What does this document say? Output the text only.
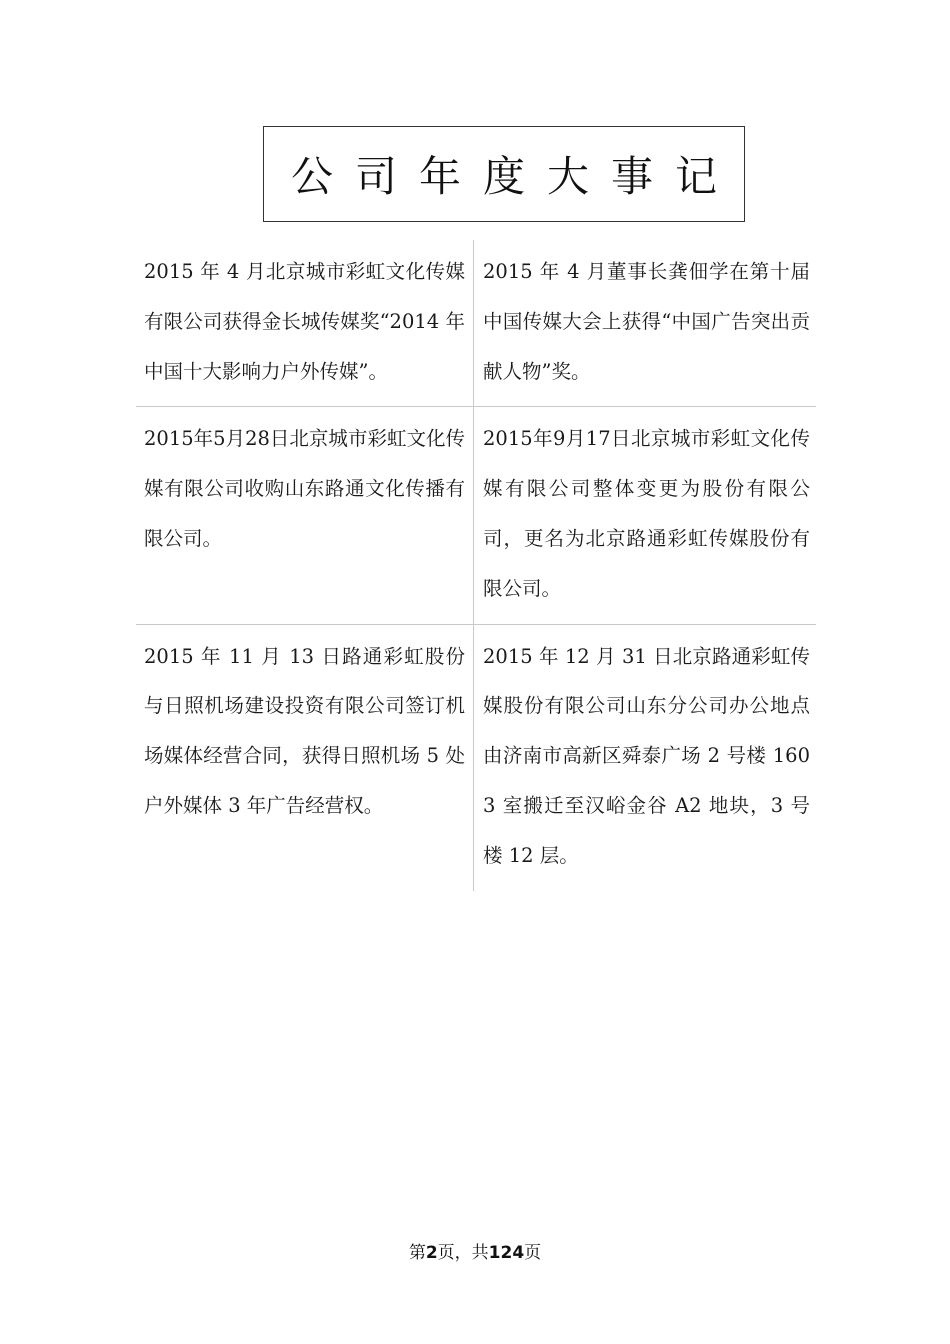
公司年度大事记
2015 年 4 月北京城市彩虹文化传媒有限公司获得金长城传媒奖“2014 年中国十大影响力户外传媒”。
2015 年 4 月董事长龚佃学在第十届中国传媒大会上获得“中国广告突出贡献人物”奖。
2015年5月28日北京城市彩虹文化传媒有限公司收购山东路通文化传播有限公司。
2015年9月17日北京城市彩虹文化传媒有限公司整体变更为股份有限公司，更名为北京路通彩虹传媒股份有限公司。
2015 年 11 月 13 日路通彩虹股份与日照机场建设投资有限公司签订机场媒体经营合同，获得日照机场 5 处户外媒体 3 年广告经营权。
2015 年 12 月 31 日北京路通彩虹传媒股份有限公司山东分公司办公地点由济南市高新区舜泰广场 2 号楼 1603 室搬迁至汉峪金谷 A2 地块，3 号楼 12 层。
第2页，共124页
